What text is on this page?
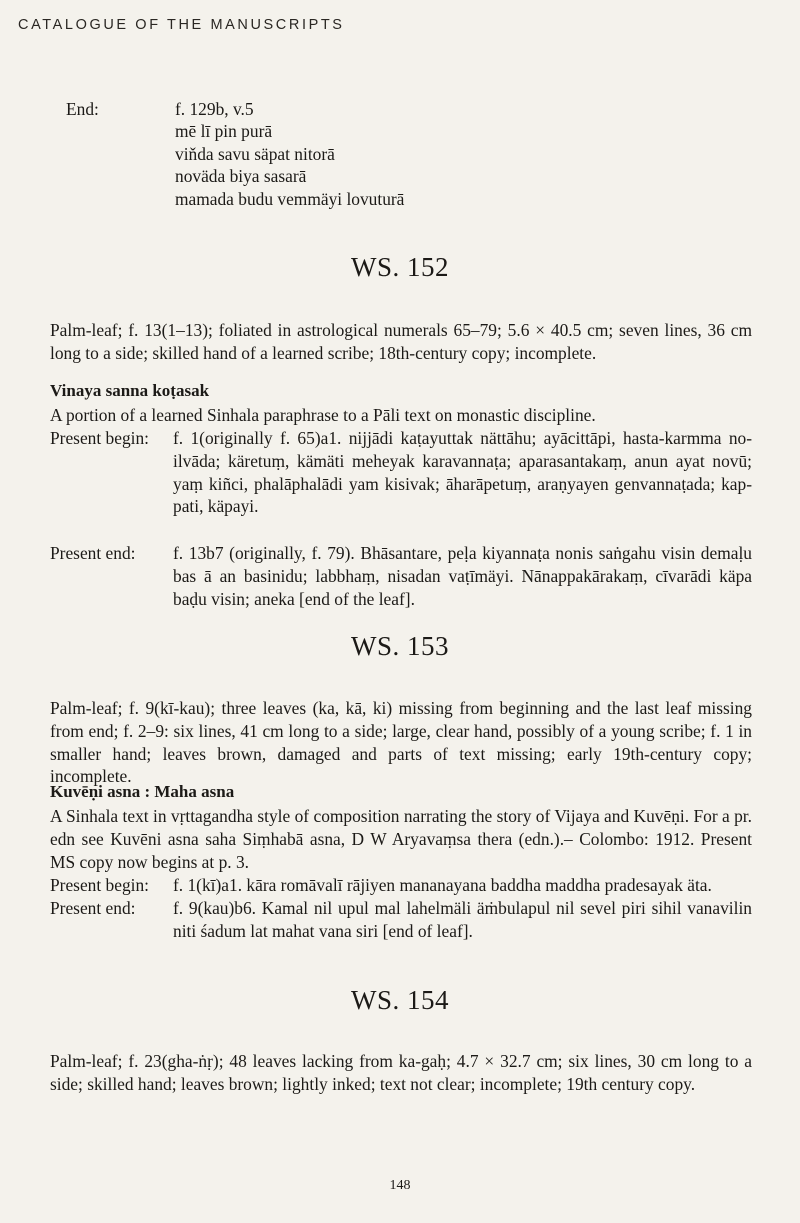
CATALOGUE OF THE MANUSCRIPTS
End:	f. 129b, v.5
mē lī pin purā
viňda savu säpat nitorā
noväda biya sasarā
mamada budu vemmäyi lovuturā
WS. 152
Palm-leaf; f. 13(1–13); foliated in astrological numerals 65–79; 5.6 × 40.5 cm; seven lines, 36 cm long to a side; skilled hand of a learned scribe; 18th-century copy; incomplete.
Vinaya sanna koṭasak
A portion of a learned Sinhala paraphrase to a Pāli text on monastic discipline.
Present begin: f. 1(originally f. 65)a1. nijjādi kaṭayuttak nättāhu; ayācittāpi, hasta-karmma no-ilvāda; käretuṃ, kämäti meheyak karavannaṭa; aparasantakaṃ, anun ayat novū; yaṃ kiñci, phalāphalādi yam kisivak; āharāpetuṃ, araṇyayen genvannaṭada; kap-pati, käpayi.
Present end: f. 13b7 (originally, f. 79). Bhāsantare, peḷa kiyannaṭa nonis saṅgahu visin demaḷu bas ā an basinidu; labbhaṃ, nisadan vaṭīmäyi. Nānappakārakaṃ, cīvarādi käpa baḍu visin; aneka [end of the leaf].
WS. 153
Palm-leaf; f. 9(kī-kau); three leaves (ka, kā, ki) missing from beginning and the last leaf missing from end; f. 2–9: six lines, 41 cm long to a side; large, clear hand, possibly of a young scribe; f. 1 in smaller hand; leaves brown, damaged and parts of text missing; early 19th-century copy; incomplete.
Kuvēṇi asna : Maha asna
A Sinhala text in vṛttagandha style of composition narrating the story of Vijaya and Kuvēṇi. For a pr. edn see Kuvēni asna saha Siṃhabā asna, D W Aryavaṃsa thera (edn.).– Colombo: 1912. Present MS copy now begins at p. 3.
Present begin: f. 1(kī)a1. kāra romāvalī rājiyen mananayana baddha maddha pradesayak äta.
Present end: f. 9(kau)b6. Kamal nil upul mal lahelmäli äṁbulapul nil sevel piri sihil vanavilin niti śadum lat mahat vana siri [end of leaf].
WS. 154
Palm-leaf; f. 23(gha-ṅṛ); 48 leaves lacking from ka-gaḥ; 4.7 × 32.7 cm; six lines, 30 cm long to a side; skilled hand; leaves brown; lightly inked; text not clear; incomplete; 19th century copy.
148
